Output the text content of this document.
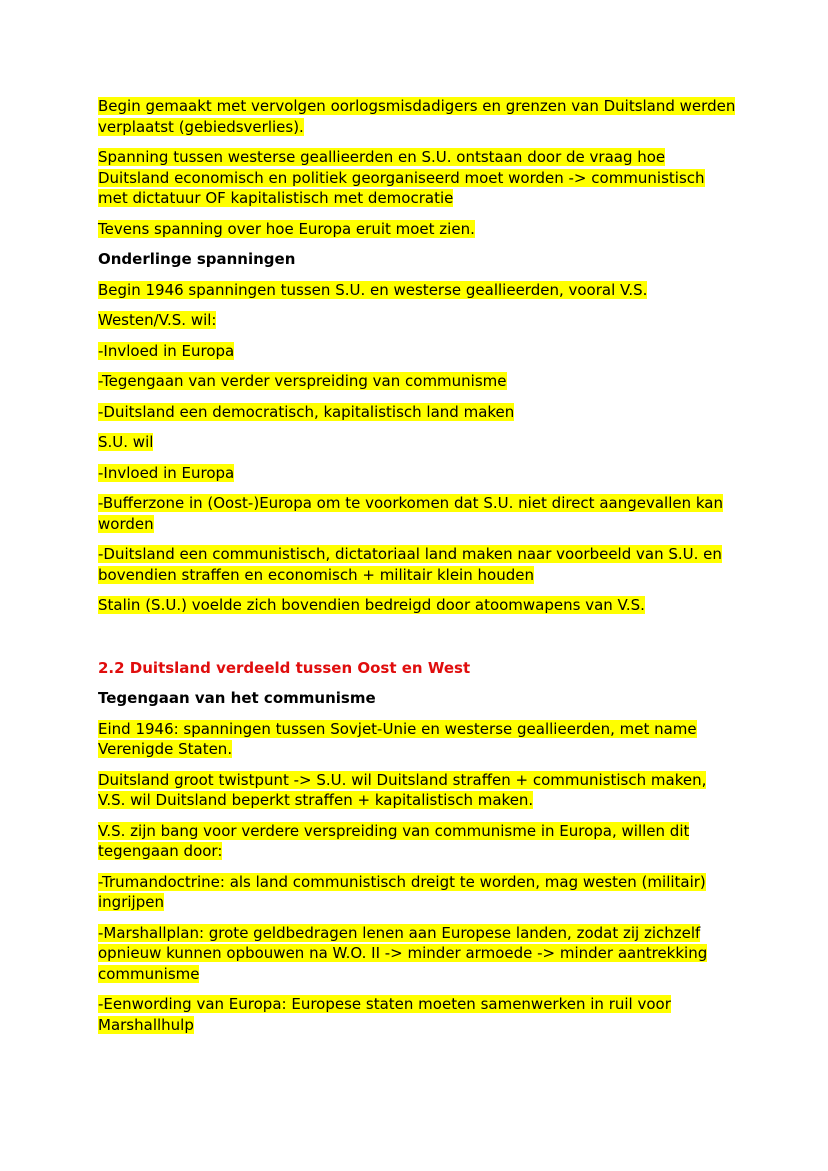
Begin gemaakt met vervolgen oorlogsmisdadigers en grenzen van Duitsland werden verplaatst (gebiedsverlies).

Spanning tussen westerse geallieerden en S.U. ontstaan door de vraag hoe Duitsland economisch en politiek georganiseerd moet worden -> communistisch met dictatuur OF kapitalistisch met democratie

Tevens spanning over hoe Europa eruit moet zien.

Onderlinge spanningen

Begin 1946 spanningen tussen S.U. en westerse geallieerden, vooral V.S.

Westen/V.S. wil:

-Invloed in Europa

-Tegengaan van verder verspreiding van communisme

-Duitsland een democratisch, kapitalistisch land maken

S.U. wil

-Invloed in Europa

-Bufferzone in (Oost-)Europa om te voorkomen dat S.U. niet direct aangevallen kan worden

-Duitsland een communistisch, dictatoriaal land maken naar voorbeeld van S.U. en bovendien straffen en economisch + militair klein houden

Stalin (S.U.) voelde zich bovendien bedreigd door atoomwapens van V.S.

2.2 Duitsland verdeeld tussen Oost en West

Tegengaan van het communisme

Eind 1946: spanningen tussen Sovjet-Unie en westerse geallieerden, met name Verenigde Staten.

Duitsland groot twistpunt -> S.U. wil Duitsland straffen + communistisch maken, V.S. wil Duitsland beperkt straffen + kapitalistisch maken.

V.S. zijn bang voor verdere verspreiding van communisme in Europa, willen dit tegengaan door:

-Trumandoctrine: als land communistisch dreigt te worden, mag westen (militair) ingrijpen

-Marshallplan: grote geldbedragen lenen aan Europese landen, zodat zij zichzelf opnieuw kunnen opbouwen na W.O. II -> minder armoede -> minder aantrekking communisme

-Eenwording van Europa: Europese staten moeten samenwerken in ruil voor Marshallhulp
